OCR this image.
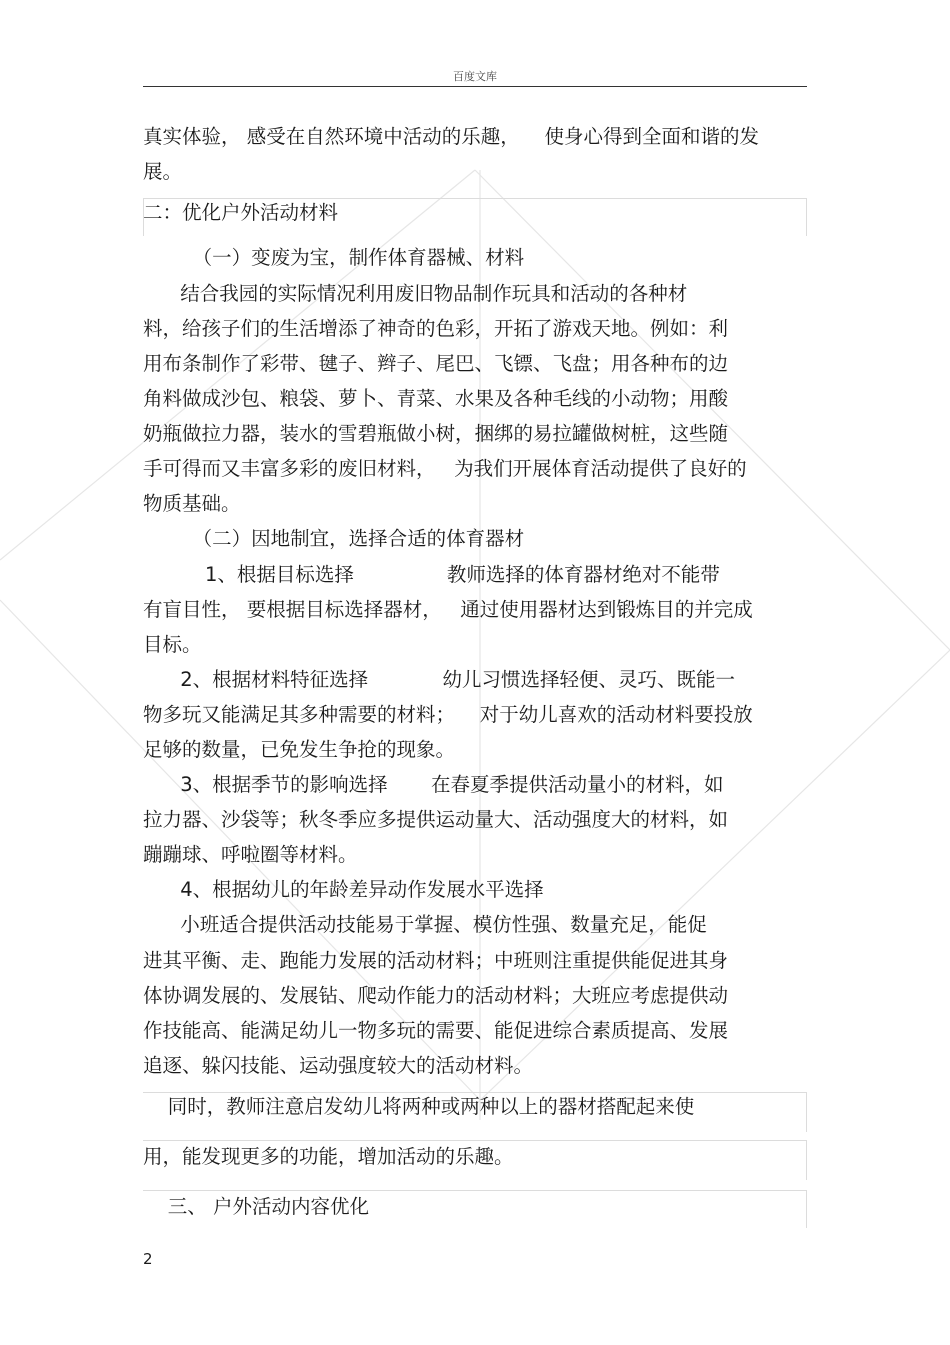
百度文库
真实体验， 感受在自然环境中活动的乐趣，    使身心得到全面和谐的发
展。
二：优化户外活动材料
（一）变废为宝，制作体育器械、材料
结合我园的实际情况利用废旧物品制作玩具和活动的各种材
料，给孩子们的生活增添了神奇的色彩，开拓了游戏天地。例如：利
用布条制作了彩带、毽子、辫子、尾巴、飞镖、飞盘；用各种布的边
角料做成沙包、粮袋、萝卜、青菜、水果及各种毛线的小动物；用酸
奶瓶做拉力器，装水的雪碧瓶做小树，捆绑的易拉罐做树桩，这些随
手可得而又丰富多彩的废旧材料，   为我们开展体育活动提供了良好的
物质基础。
（二）因地制宜，选择合适的体育器材
1、根据目标选择               教师选择的体育器材绝对不能带
有盲目性， 要根据目标选择器材，   通过使用器材达到锻炼目的并完成
目标。
2、根据材料特征选择            幼儿习惯选择轻便、灵巧、既能一
物多玩又能满足其多种需要的材料；    对于幼儿喜欢的活动材料要投放
足够的数量，已免发生争抢的现象。
3、根据季节的影响选择       在春夏季提供活动量小的材料，如
拉力器、沙袋等；秋冬季应多提供运动量大、活动强度大的材料，如
蹦蹦球、呼啦圈等材料。
4、根据幼儿的年龄差异动作发展水平选择
小班适合提供活动技能易于掌握、模仿性强、数量充足，能促
进其平衡、走、跑能力发展的活动材料；中班则注重提供能促进其身
体协调发展的、发展钻、爬动作能力的活动材料；大班应考虑提供动
作技能高、能满足幼儿一物多玩的需要、能促进综合素质提高、发展
追逐、躲闪技能、运动强度较大的活动材料。
同时，教师注意启发幼儿将两种或两种以上的器材搭配起来使
用，能发现更多的功能，增加活动的乐趣。
三、 户外活动内容优化
2
